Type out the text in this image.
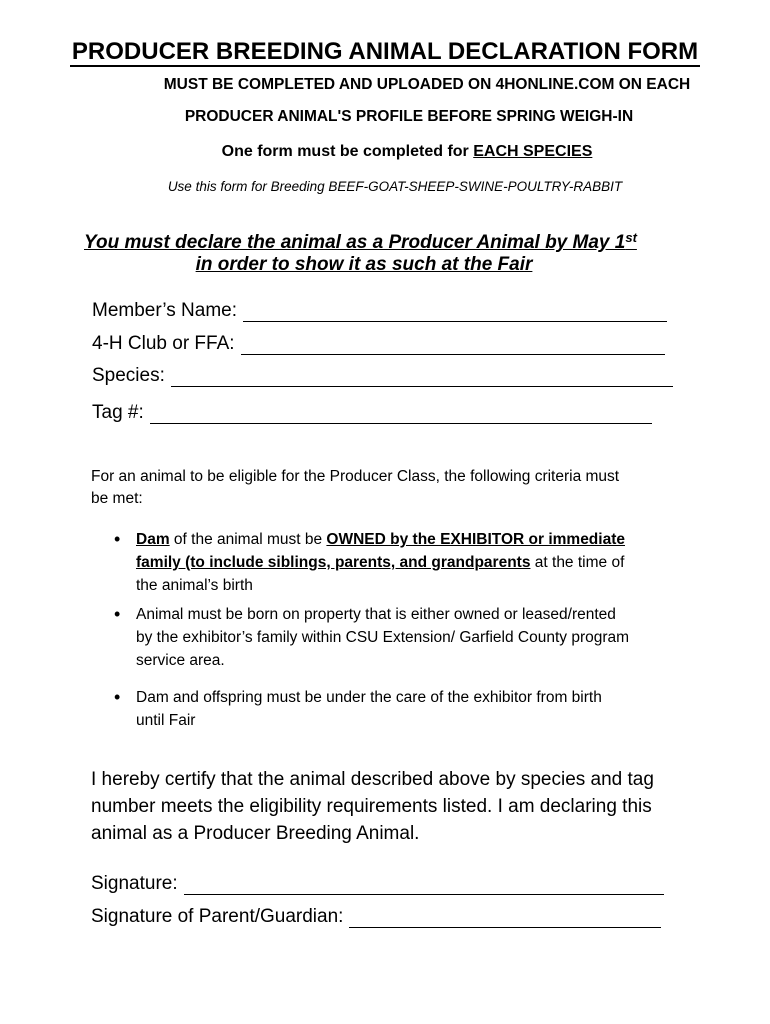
PRODUCER BREEDING ANIMAL DECLARATION FORM
MUST BE COMPLETED AND UPLOADED ON 4HONLINE.COM ON EACH
PRODUCER ANIMAL'S PROFILE BEFORE SPRING WEIGH-IN
One form must be completed for EACH SPECIES
Use this form for Breeding BEEF-GOAT-SHEEP-SWINE-POULTRY-RABBIT
You must declare the animal as a Producer Animal by May 1st
in order to show it as such at the Fair
Member’s Name:
4-H Club or FFA:
Species:
Tag #:
For an animal to be eligible for the Producer Class, the following criteria must be met:
• Dam of the animal must be OWNED by the EXHIBITOR or immediate family (to include siblings, parents, and grandparents at the time of the animal’s birth
• Animal must be born on property that is either owned or leased/rented by the exhibitor’s family within CSU Extension/ Garfield County program service area.
• Dam and offspring must be under the care of the exhibitor from birth until Fair
I hereby certify that the animal described above by species and tag number meets the eligibility requirements listed. I am declaring this animal as a Producer Breeding Animal.
Signature:
Signature of Parent/Guardian:
